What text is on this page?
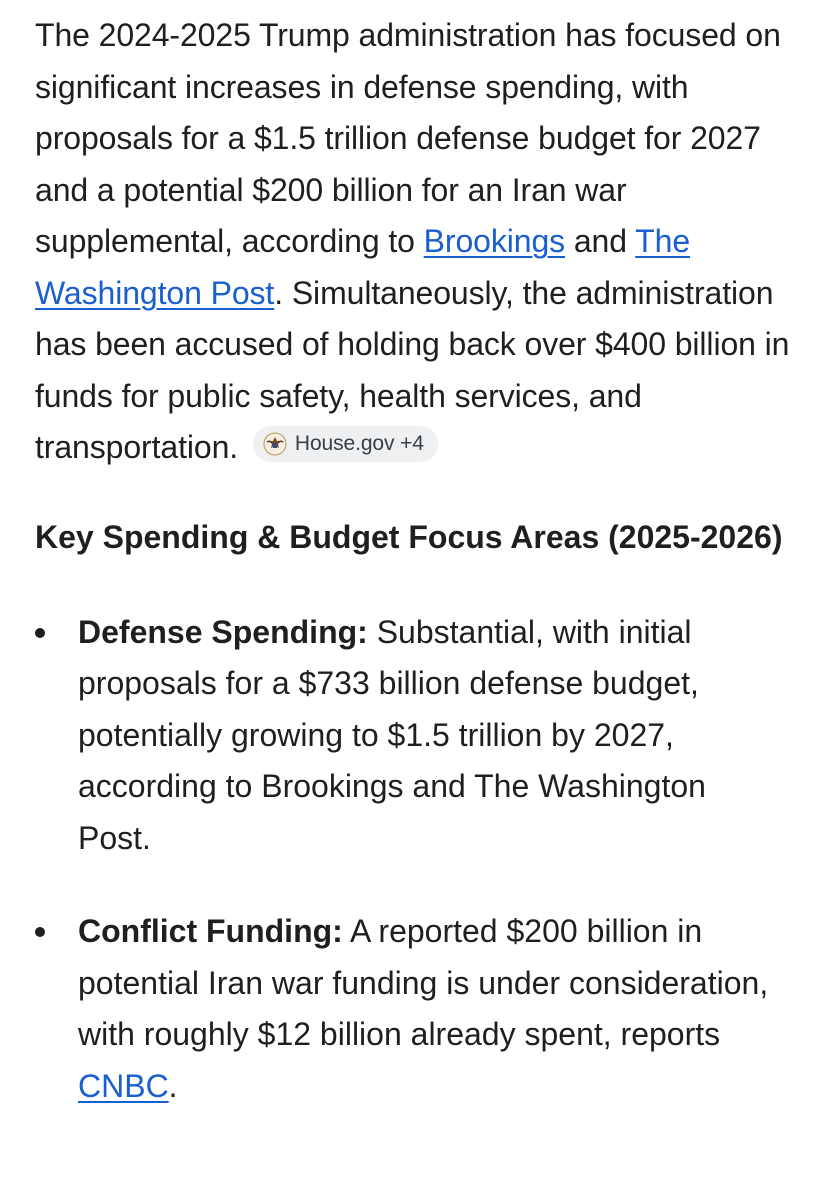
The 2024-2025 Trump administration has focused on significant increases in defense spending, with proposals for a $1.5 trillion defense budget for 2027 and a potential $200 billion for an Iran war supplemental, according to Brookings and The Washington Post. Simultaneously, the administration has been accused of holding back over $400 billion in funds for public safety, health services, and transportation.	House.gov +4

Key Spending & Budget Focus Areas (2025-2026)
Defense Spending: Substantial, with initial proposals for a $733 billion defense budget, potentially growing to $1.5 trillion by 2027, according to Brookings and The Washington Post.
Conflict Funding: A reported $200 billion in potential Iran war funding is under consideration, with roughly $12 billion already spent, reports CNBC.
